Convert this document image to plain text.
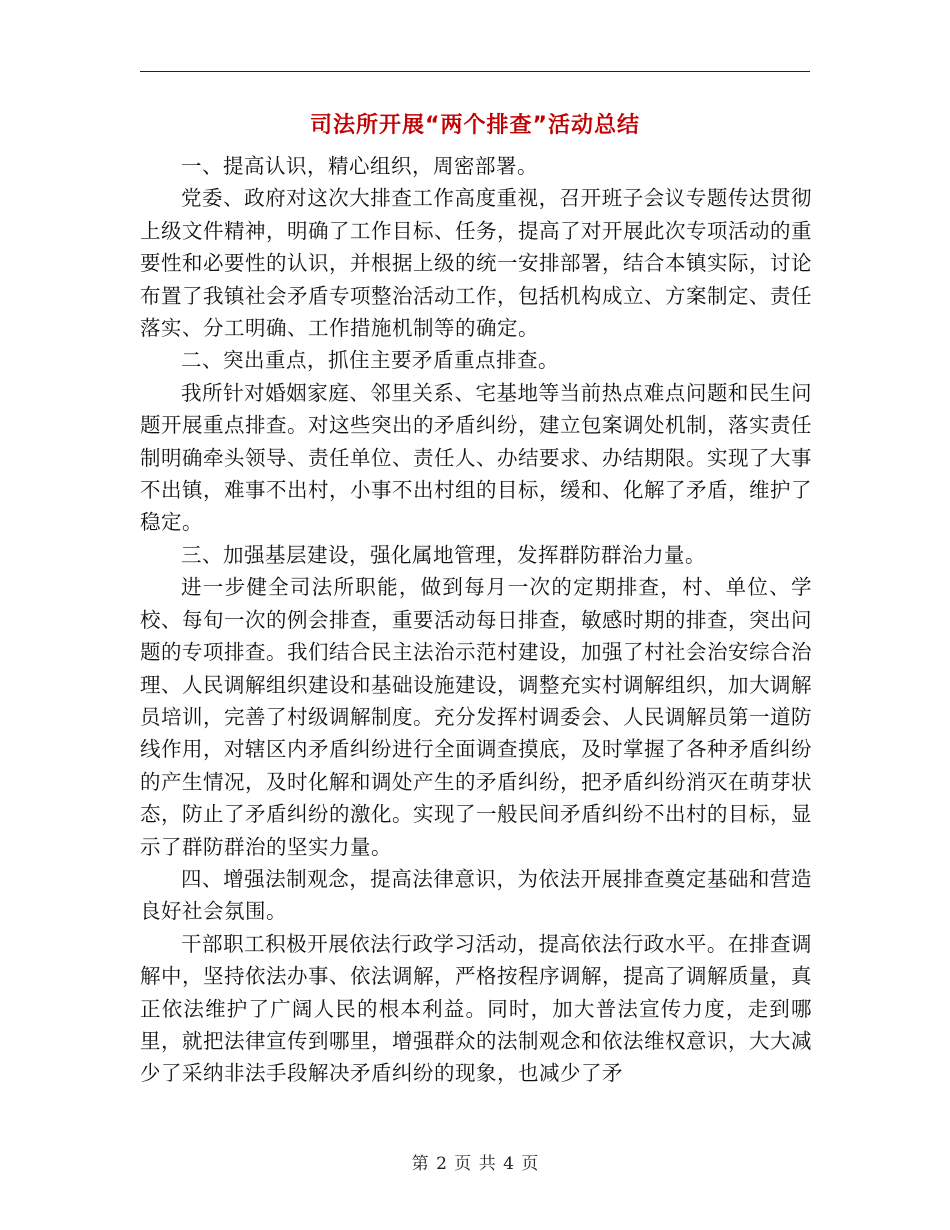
司法所开展“两个排查”活动总结

一、提高认识，精心组织，周密部署。

党委、政府对这次大排查工作高度重视，召开班子会议专题传达贯彻上级文件精神，明确了工作目标、任务，提高了对开展此次专项活动的重要性和必要性的认识，并根据上级的统一安排部署，结合本镇实际，讨论布置了我镇社会矛盾专项整治活动工作，包括机构成立、方案制定、责任落实、分工明确、工作措施机制等的确定。

二、突出重点，抓住主要矛盾重点排查。

我所针对婚姻家庭、邻里关系、宅基地等当前热点难点问题和民生问题开展重点排查。对这些突出的矛盾纠纷，建立包案调处机制，落实责任制明确牵头领导、责任单位、责任人、办结要求、办结期限。实现了大事不出镇，难事不出村，小事不出村组的目标，缓和、化解了矛盾，维护了稳定。

三、加强基层建设，强化属地管理，发挥群防群治力量。

进一步健全司法所职能，做到每月一次的定期排查，村、单位、学校、每旬一次的例会排查，重要活动每日排查，敏感时期的排查，突出问题的专项排查。我们结合民主法治示范村建设，加强了村社会治安综合治理、人民调解组织建设和基础设施建设，调整充实村调解组织，加大调解员培训，完善了村级调解制度。充分发挥村调委会、人民调解员第一道防线作用，对辖区内矛盾纠纷进行全面调查摸底，及时掌握了各种矛盾纠纷的产生情况，及时化解和调处产生的矛盾纠纷，把矛盾纠纷消灭在萌芽状态，防止了矛盾纠纷的激化。实现了一般民间矛盾纠纷不出村的目标，显示了群防群治的坚实力量。

四、增强法制观念，提高法律意识，为依法开展排查奠定基础和营造良好社会氛围。

干部职工积极开展依法行政学习活动，提高依法行政水平。在排查调解中，坚持依法办事、依法调解，严格按程序调解，提高了调解质量，真正依法维护了广阔人民的根本利益。同时，加大普法宣传力度，走到哪里，就把法律宣传到哪里，增强群众的法制观念和依法维权意识，大大减少了采纳非法手段解决矛盾纠纷的现象，也减少了矛

第 2 页 共 4 页
